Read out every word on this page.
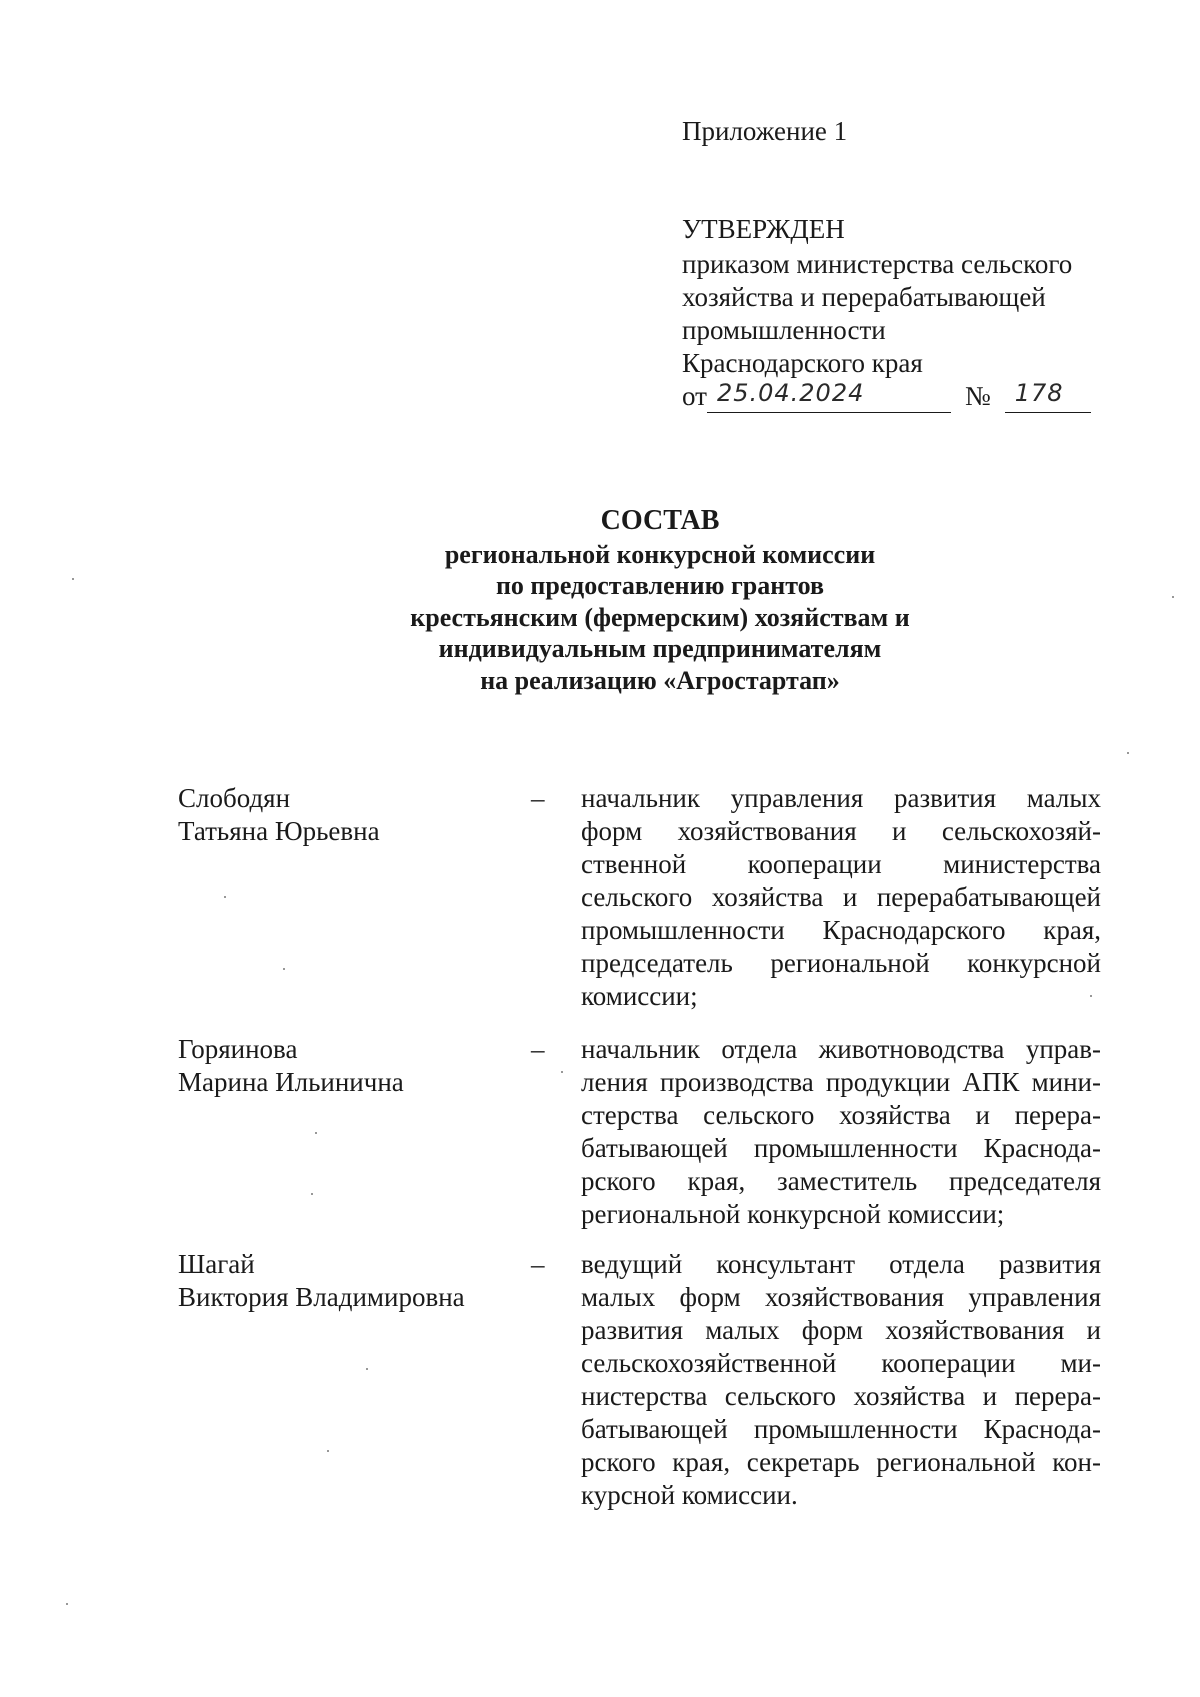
Приложение 1
УТВЕРЖДЕН
приказом министерства сельского
хозяйства и перерабатывающей
промышленности
Краснодарского края
от 25.04.2024	№ 178
СОСТАВ
региональной конкурсной комиссии
по предоставлению грантов
крестьянским (фермерским) хозяйствам и
индивидуальным предпринимателям
на реализацию «Агростартап»
Слободян
Татьяна Юрьевна
– начальник управления развития малых
форм хозяйствования и сельскохозяй-
ственной кооперации министерства
сельского хозяйства и перерабатывающей
промышленности Краснодарского края,
председатель региональной конкурсной
комиссии;
Горяинова
Марина Ильинична
– начальник отдела животноводства управ-
ления производства продукции АПК мини-
стерства сельского хозяйства и перера-
батывающей промышленности Краснода-
рского края, заместитель председателя
региональной конкурсной комиссии;
Шагай
Виктория Владимировна
– ведущий консультант отдела развития
малых форм хозяйствования управления
развития малых форм хозяйствования и
сельскохозяйственной кооперации ми-
нистерства сельского хозяйства и перера-
батывающей промышленности Краснода-
рского края, секретарь региональной кон-
курсной комиссии.
